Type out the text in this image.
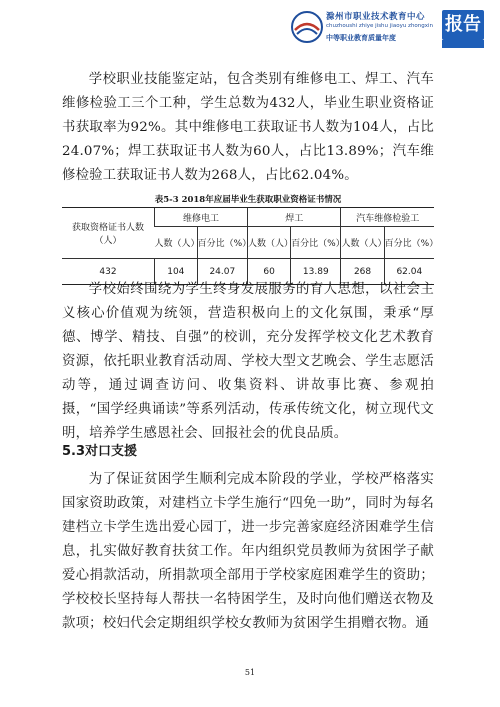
滁州市职业技术教育中心
chuzhoushi zhiye jishu jiaoyu zhongxin
中等职业教育质量年度
报告
学校职业技能鉴定站，包含类别有维修电工、焊工、汽车维修检验工三个工种，学生总数为432人，毕业生职业资格证书获取率为92%。其中维修电工获取证书人数为104人，占比24.07%；焊工获取证书人数为60人，占比13.89%；汽车维修检验工获取证书人数为268人，占比62.04%。
表5-3 2018年应届毕业生获取职业资格证书情况
获取资格证书人数（人）	维修电工		焊工		汽车维修检验工	
	人数（人）	百分比（%）	人数（人）	百分比（%）	人数（人）	百分比（%）
432	104	24.07	60	13.89	268	62.04
学校始终围绕为学生终身发展服务的育人思想，以社会主义核心价值观为统领，营造积极向上的文化氛围，秉承“厚德、博学、精技、自强”的校训，充分发挥学校文化艺术教育资源，依托职业教育活动周、学校大型文艺晚会、学生志愿活动等，通过调查访问、收集资料、讲故事比赛、参观拍摄，“国学经典诵读”等系列活动，传承传统文化，树立现代文明，培养学生感恩社会、回报社会的优良品质。
5.3对口支援
为了保证贫困学生顺利完成本阶段的学业，学校严格落实国家资助政策，对建档立卡学生施行“四免一助”，同时为每名建档立卡学生选出爱心园丁，进一步完善家庭经济困难学生信息，扎实做好教育扶贫工作。年内组织党员教师为贫困学子献爱心捐款活动，所捐款项全部用于学校家庭困难学生的资助；学校校长坚持每人帮扶一名特困学生，及时向他们赠送衣物及款项；校妇代会定期组织学校女教师为贫困学生捐赠衣物。通
51
